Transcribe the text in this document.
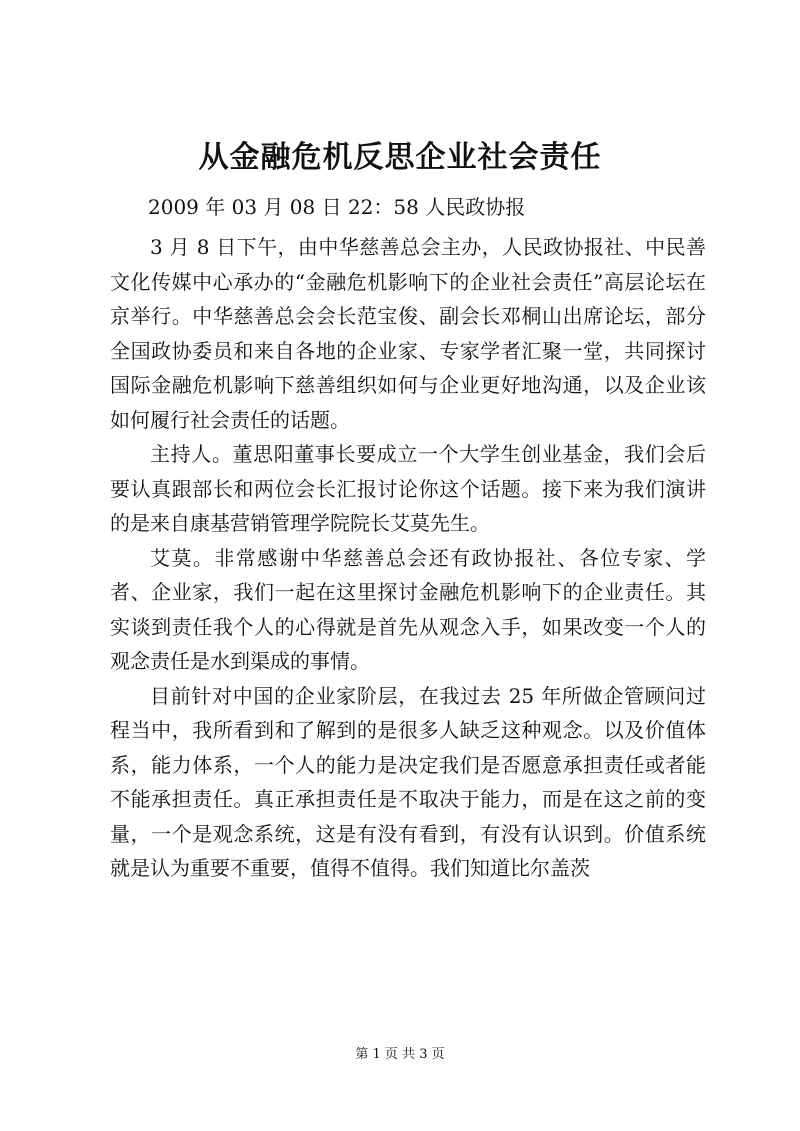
从金融危机反思企业社会责任

2009 年 03 月 08 日 22：58 人民政协报

3 月 8 日下午，由中华慈善总会主办，人民政协报社、中民善文化传媒中心承办的“金融危机影响下的企业社会责任”高层论坛在京举行。中华慈善总会会长范宝俊、副会长邓桐山出席论坛，部分全国政协委员和来自各地的企业家、专家学者汇聚一堂，共同探讨国际金融危机影响下慈善组织如何与企业更好地沟通，以及企业该如何履行社会责任的话题。

主持人。董思阳董事长要成立一个大学生创业基金，我们会后要认真跟部长和两位会长汇报讨论你这个话题。接下来为我们演讲的是来自康基营销管理学院院长艾莫先生。

艾莫。非常感谢中华慈善总会还有政协报社、各位专家、学者、企业家，我们一起在这里探讨金融危机影响下的企业责任。其实谈到责任我个人的心得就是首先从观念入手，如果改变一个人的观念责任是水到渠成的事情。

目前针对中国的企业家阶层，在我过去 25 年所做企管顾问过程当中，我所看到和了解到的是很多人缺乏这种观念。以及价值体系，能力体系，一个人的能力是决定我们是否愿意承担责任或者能不能承担责任。真正承担责任是不取决于能力，而是在这之前的变量，一个是观念系统，这是有没有看到，有没有认识到。价值系统就是认为重要不重要，值得不值得。我们知道比尔盖茨

第 1 页 共 3 页
